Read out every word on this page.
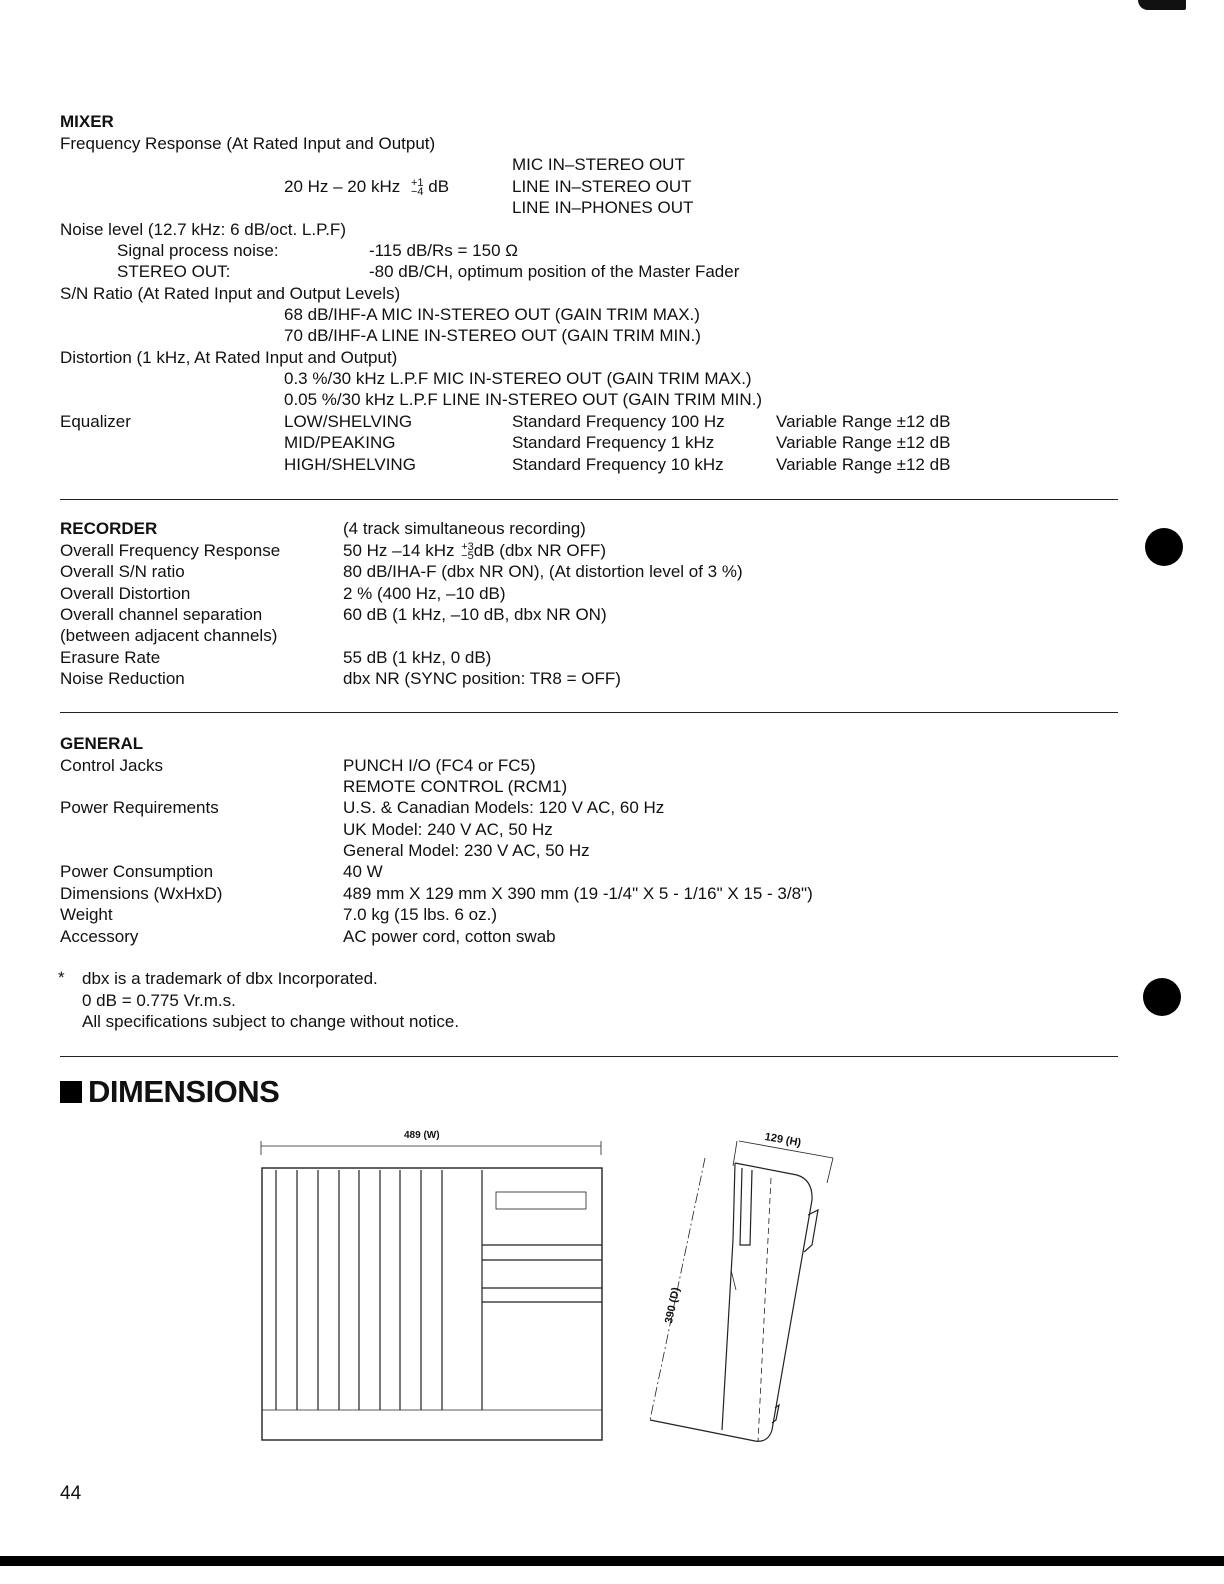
MIXER
Frequency Response (At Rated Input and Output)
20 Hz – 20 kHz +1
−4 dB
MIC IN–STEREO OUT
LINE IN–STEREO OUT
LINE IN–PHONES OUT
Noise level (12.7 kHz: 6 dB/oct. L.P.F)
Signal process noise:	-115 dB/Rs = 150 Ω
STEREO OUT:	-80 dB/CH, optimum position of the Master Fader
S/N Ratio (At Rated Input and Output Levels)
68 dB/IHF-A MIC IN-STEREO OUT (GAIN TRIM MAX.)
70 dB/IHF-A LINE IN-STEREO OUT (GAIN TRIM MIN.)
Distortion (1 kHz, At Rated Input and Output)
0.3 %/30 kHz L.P.F MIC IN-STEREO OUT (GAIN TRIM MAX.)
0.05 %/30 kHz L.P.F LINE IN-STEREO OUT (GAIN TRIM MIN.)
Equalizer	LOW/SHELVING	Standard Frequency 100 Hz	Variable Range ±12 dB
MID/PEAKING	Standard Frequency 1 kHz	Variable Range ±12 dB
HIGH/SHELVING	Standard Frequency 10 kHz	Variable Range ±12 dB
RECORDER	(4 track simultaneous recording)
Overall Frequency Response	50 Hz –14 kHz +3
−5 dB (dbx NR OFF)
Overall S/N ratio	80 dB/IHA-F (dbx NR ON), (At distortion level of 3 %)
Overall Distortion	2 % (400 Hz, –10 dB)
Overall channel separation	60 dB (1 kHz, –10 dB, dbx NR ON)
(between adjacent channels)
Erasure Rate	55 dB (1 kHz, 0 dB)
Noise Reduction	dbx NR (SYNC position: TR8 = OFF)
GENERAL
Control Jacks	PUNCH I/O (FC4 or FC5)
REMOTE CONTROL (RCM1)
Power Requirements	U.S. & Canadian Models: 120 V AC, 60 Hz
UK Model: 240 V AC, 50 Hz
General Model: 230 V AC, 50 Hz
Power Consumption	40 W
Dimensions (WxHxD)	489 mm X 129 mm X 390 mm (19 -1/4" X 5 - 1/16" X 15 - 3/8")
Weight	7.0 kg (15 lbs. 6 oz.)
Accessory	AC power cord, cotton swab
* dbx is a trademark of dbx Incorporated.
0 dB = 0.775 Vr.m.s.
All specifications subject to change without notice.
DIMENSIONS
489 (W)	129 (H)
390 (D)
44
